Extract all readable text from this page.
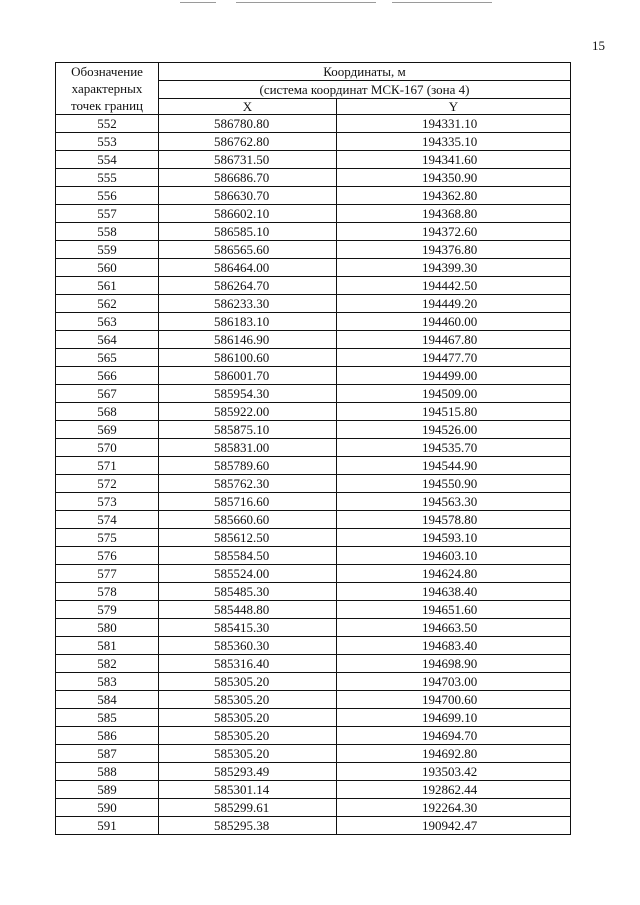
15
Обозначение
характерных
точек границ	Координаты, м	
	(система координат МСК-167 (зона 4)	
	X	Y
552	586780.80	194331.10
553	586762.80	194335.10
554	586731.50	194341.60
555	586686.70	194350.90
556	586630.70	194362.80
557	586602.10	194368.80
558	586585.10	194372.60
559	586565.60	194376.80
560	586464.00	194399.30
561	586264.70	194442.50
562	586233.30	194449.20
563	586183.10	194460.00
564	586146.90	194467.80
565	586100.60	194477.70
566	586001.70	194499.00
567	585954.30	194509.00
568	585922.00	194515.80
569	585875.10	194526.00
570	585831.00	194535.70
571	585789.60	194544.90
572	585762.30	194550.90
573	585716.60	194563.30
574	585660.60	194578.80
575	585612.50	194593.10
576	585584.50	194603.10
577	585524.00	194624.80
578	585485.30	194638.40
579	585448.80	194651.60
580	585415.30	194663.50
581	585360.30	194683.40
582	585316.40	194698.90
583	585305.20	194703.00
584	585305.20	194700.60
585	585305.20	194699.10
586	585305.20	194694.70
587	585305.20	194692.80
588	585293.49	193503.42
589	585301.14	192862.44
590	585299.61	192264.30
591	585295.38	190942.47
